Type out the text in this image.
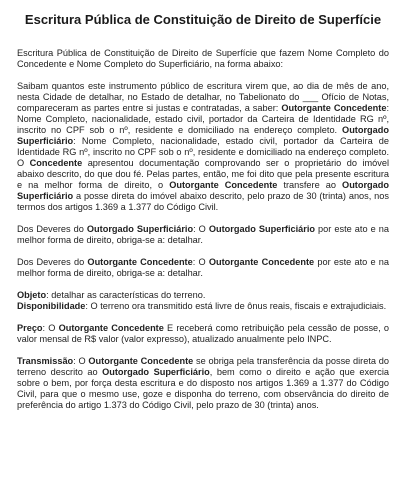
Escritura Pública de Constituição de Direito de Superfície

Escritura Pública de Constituição de Direito de Superfície que fazem Nome Completo do Concedente e Nome Completo do Superficiário, na forma abaixo:

Saibam quantos este instrumento público de escritura virem que, ao dia de mês de ano, nesta Cidade de detalhar, no Estado de detalhar, no Tabelionato do ___ Ofício de Notas, compareceram as partes entre si justas e contratadas, a saber: Outorgante Concedente: Nome Completo, nacionalidade, estado civil, portador da Carteira de Identidade RG nº, inscrito no CPF sob o nº, residente e domiciliado na endereço completo. Outorgado Superficiário: Nome Completo, nacionalidade, estado civil, portador da Carteira de Identidade RG nº, inscrito no CPF sob o nº, residente e domiciliado na endereço completo. O Concedente apresentou documentação comprovando ser o proprietário do imóvel abaixo descrito, do que dou fé. Pelas partes, então, me foi dito que pela presente escritura e na melhor forma de direito, o Outorgante Concedente transfere ao Outorgado Superficiário a posse direta do imóvel abaixo descrito, pelo prazo de 30 (trinta) anos, nos termos dos artigos 1.369 a 1.377 do Código Civil.

Dos Deveres do Outorgado Superficiário: O Outorgado Superficiário por este ato e na melhor forma de direito, obriga-se a: detalhar.

Dos Deveres do Outorgante Concedente: O Outorgante Concedente por este ato e na melhor forma de direito, obriga-se a: detalhar.

Objeto: detalhar as características do terreno.

Disponibilidade: O terreno ora transmitido está livre de ônus reais, fiscais e extrajudiciais.

Preço: O Outorgante Concedente E receberá como retribuição pela cessão de posse, o valor mensal de R$ valor (valor expresso), atualizado anualmente pelo INPC.

Transmissão: O Outorgante Concedente se obriga pela transferência da posse direta do terreno descrito ao Outorgado Superficiário, bem como o direito e ação que exercia sobre o bem, por força desta escritura e do disposto nos artigos 1.369 a 1.377 do Código Civil, para que o mesmo use, goze e disponha do terreno, com observância do direito de preferência do artigo 1.373 do Código Civil, pelo prazo de 30 (trinta) anos.
